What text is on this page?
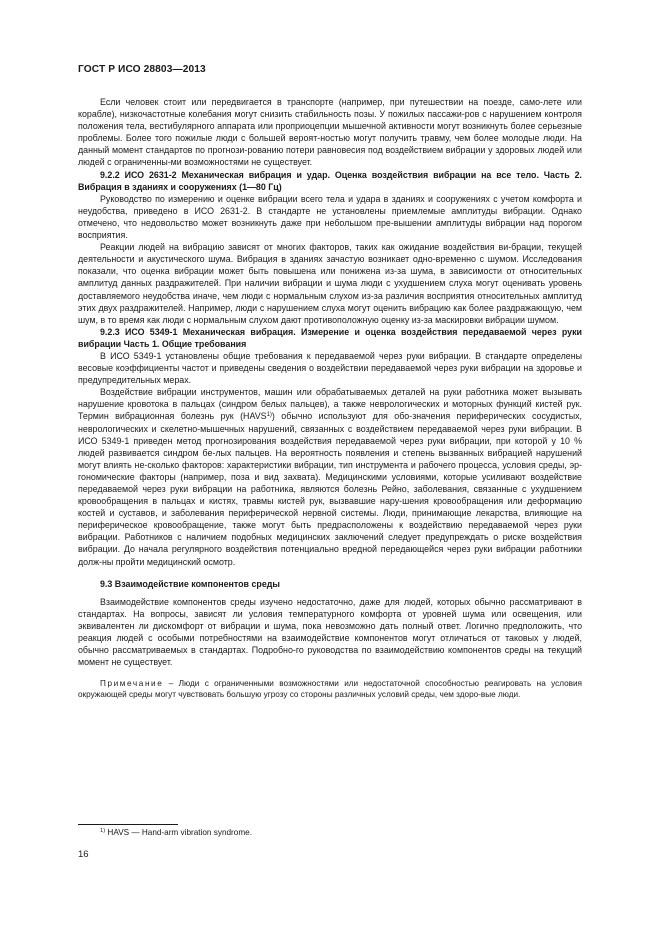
ГОСТ Р ИСО 28803—2013

Если человек стоит или передвигается в транспорте (например, при путешествии на поезде, само-лете или корабле), низкочастотные колебания могут снизить стабильность позы. У пожилых пассажи-ров с нарушением контроля положения тела, вестибулярного аппарата или проприоцепции мышечной активности могут возникнуть более серьезные проблемы. Более того пожилые люди с большей вероят-ностью могут получить травму, чем более молодые люди. На данный момент стандартов по прогнози-рованию потери равновесия под воздействием вибрации у здоровых людей или людей с ограниченны-ми возможностями не существует.

9.2.2 ИСО 2631-2 Механическая вибрация и удар. Оценка воздействия вибрации на все тело. Часть 2. Вибрация в зданиях и сооружениях (1—80 Гц)

Руководство по измерению и оценке вибрации всего тела и удара в зданиях и сооружениях с учетом комфорта и неудобства, приведено в ИСО 2631-2. В стандарте не установлены приемлемые амплитуды вибрации. Однако отмечено, что недовольство может возникнуть даже при небольшом пре-вышении амплитуды вибрации над порогом восприятия.

Реакции людей на вибрацию зависят от многих факторов, таких как ожидание воздействия ви-брации, текущей деятельности и акустического шума. Вибрация в зданиях зачастую возникает одно-временно с шумом. Исследования показали, что оценка вибрации может быть повышена или понижена из-за шума, в зависимости от относительных амплитуд данных раздражителей. При наличии вибрации и шума люди с ухудшением слуха могут оценивать уровень доставляемого неудобства иначе, чем люди с нормальным слухом из-за различия восприятия относительных амплитуд этих двух раздражителей. Например, люди с нарушением слуха могут оценить вибрацию как более раздражающую, чем шум, в то время как люди с нормальным слухом дают противоположную оценку из-за маскировки вибрации шумом.

9.2.3 ИСО 5349-1 Механическая вибрация. Измерение и оценка воздействия передаваемой через руки вибрации Часть 1. Общие требования

В ИСО 5349-1 установлены общие требования к передаваемой через руки вибрации. В стандарте определены весовые коэффициенты частот и приведены сведения о воздействии передаваемой через руки вибрации на здоровье и предупредительных мерах.

Воздействие вибрации инструментов, машин или обрабатываемых деталей на руки работника может вызывать нарушение кровотока в пальцах (синдром белых пальцев), а также неврологических и моторных функций кистей рук. Термин вибрационная болезнь рук (HAVS$^{1)}$) обычно используют для обо-значения периферических сосудистых, неврологических и скелетно-мышечных нарушений, связанных с воздействием передаваемой через руки вибрации. В ИСО 5349-1 приведен метод прогнозирования воздействия передаваемой через руки вибрации, при которой у 10 % людей развивается синдром бе-лых пальцев. На вероятность появления и степень вызванных вибрацией нарушений могут влиять не-сколько факторов: характеристики вибрации, тип инструмента и рабочего процесса, условия среды, эр-гономические факторы (например, поза и вид захвата). Медицинскими условиями, которые усиливают воздействие передаваемой через руки вибрации на работника, являются болезнь Рейно, заболевания, связанные с ухудшением кровообращения в пальцах и кистях, травмы кистей рук, вызвавшие нару-шения кровообращения или деформацию костей и суставов, и заболевания периферической нервной системы. Люди, принимающие лекарства, влияющие на периферическое кровообращение, также могут быть предрасположены к воздействию передаваемой через руки вибрации. Работников с наличием подобных медицинских заключений следует предупреждать о риске воздействия вибрации. До начала регулярного воздействия потенциально вредной передающейся через руки вибрации работники долж-ны пройти медицинский осмотр.

9.3 Взаимодействие компонентов среды

Взаимодействие компонентов среды изучено недостаточно, даже для людей, которых обычно рассматривают в стандартах. На вопросы, зависят ли условия температурного комфорта от уровней шума или освещения, или эквивалентен ли дискомфорт от вибрации и шума, пока невозможно дать полный ответ. Логично предположить, что реакция людей с особыми потребностями на взаимодействие компонентов могут отличаться от таковых у людей, обычно рассматриваемых в стандартах. Подробно-го руководства по взаимодействию компонентов среды на текущий момент не существует.

Примечание – Люди с ограниченными возможностями или недостаточной способностью реагировать на условия окружающей среды могут чувствовать большую угрозу со стороны различных условий среды, чем здоро-вые люди.

$^{1)}$ HAVS — Hand-arm vibration syndrome.
16
